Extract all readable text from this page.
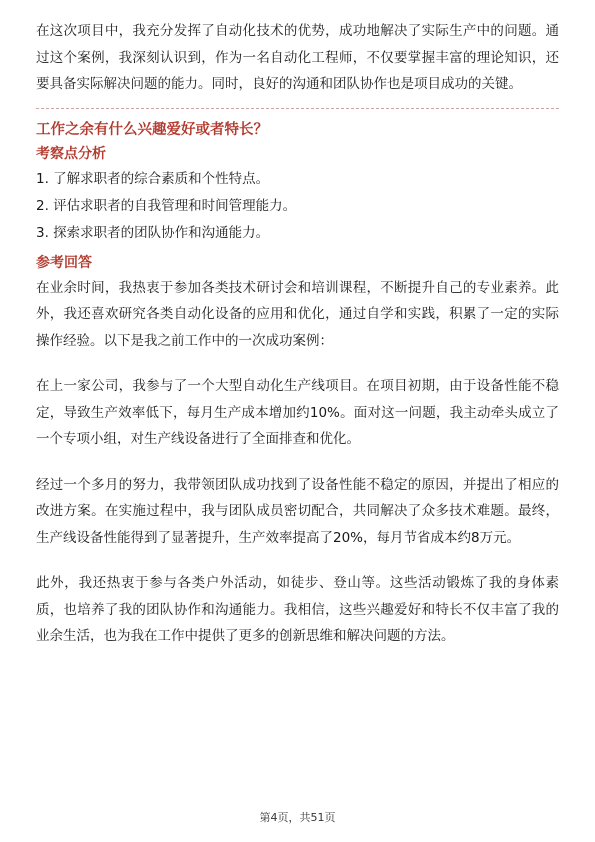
在这次项目中，我充分发挥了自动化技术的优势，成功地解决了实际生产中的问题。通过这个案例，我深刻认识到，作为一名自动化工程师，不仅要掌握丰富的理论知识，还要具备实际解决问题的能力。同时，良好的沟通和团队协作也是项目成功的关键。

工作之余有什么兴趣爱好或者特长？

考察点分析

1. 了解求职者的综合素质和个性特点。
2. 评估求职者的自我管理和时间管理能力。
3. 探索求职者的团队协作和沟通能力。

参考回答

在业余时间，我热衷于参加各类技术研讨会和培训课程，不断提升自己的专业素养。此外，我还喜欢研究各类自动化设备的应用和优化，通过自学和实践，积累了一定的实际操作经验。以下是我之前工作中的一次成功案例：

在上一家公司，我参与了一个大型自动化生产线项目。在项目初期，由于设备性能不稳定，导致生产效率低下，每月生产成本增加约10%。面对这一问题，我主动牵头成立了一个专项小组，对生产线设备进行了全面排查和优化。

经过一个多月的努力，我带领团队成功找到了设备性能不稳定的原因，并提出了相应的改进方案。在实施过程中，我与团队成员密切配合，共同解决了众多技术难题。最终，生产线设备性能得到了显著提升，生产效率提高了20%，每月节省成本约8万元。

此外，我还热衷于参与各类户外活动，如徒步、登山等。这些活动锻炼了我的身体素质，也培养了我的团队协作和沟通能力。我相信，这些兴趣爱好和特长不仅丰富了我的业余生活，也为我在工作中提供了更多的创新思维和解决问题的方法。

第4页，共51页
